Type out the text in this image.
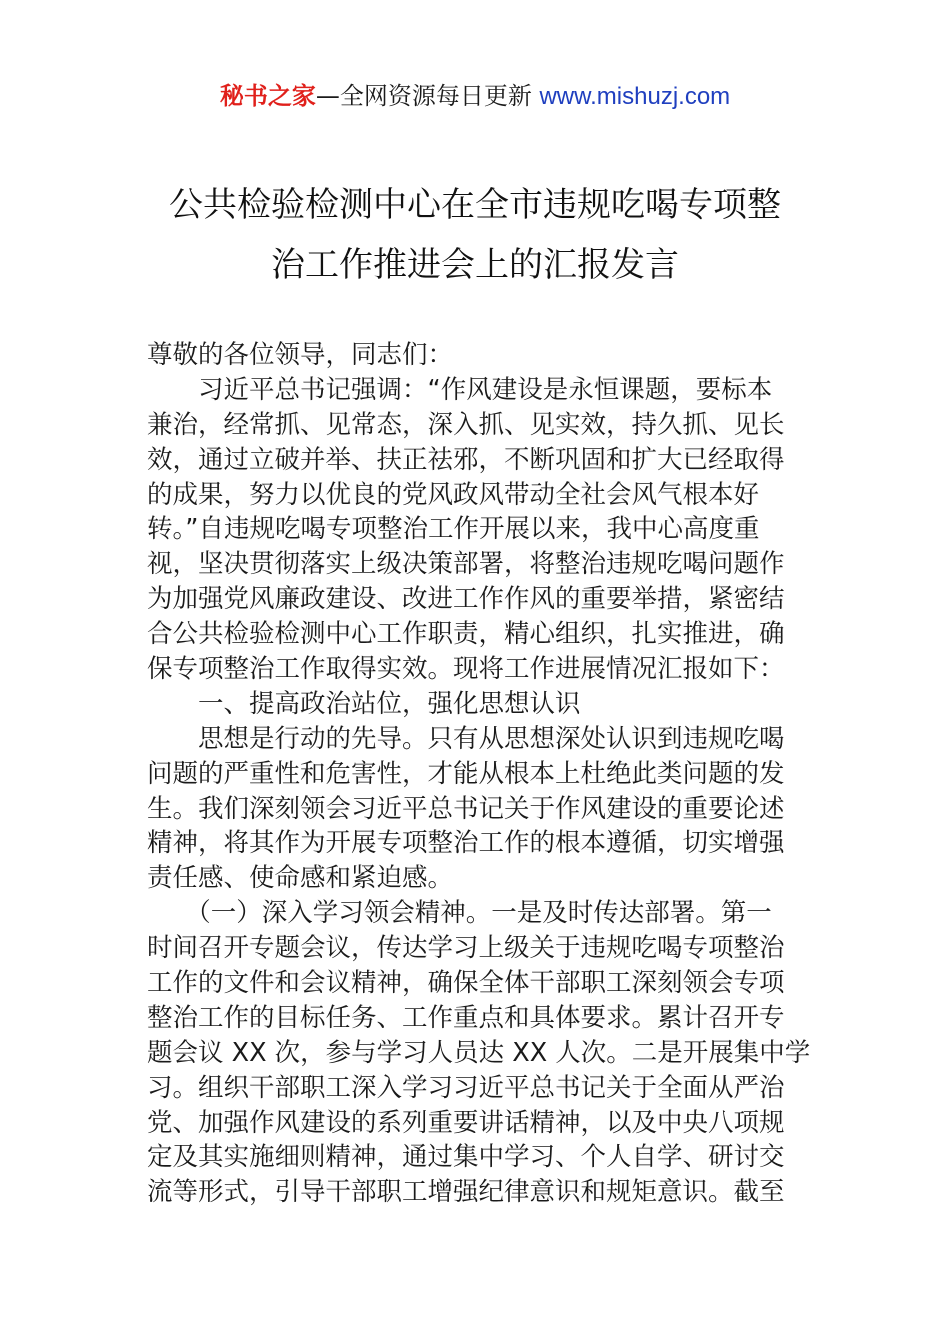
秘书之家—全网资源每日更新 www.mishuzj.com
公共检验检测中心在全市违规吃喝专项整
治工作推进会上的汇报发言
尊敬的各位领导，同志们：
　　习近平总书记强调：“作风建设是永恒课题，要标本
兼治，经常抓、见常态，深入抓、见实效，持久抓、见长
效，通过立破并举、扶正祛邪，不断巩固和扩大已经取得
的成果，努力以优良的党风政风带动全社会风气根本好
转。”自违规吃喝专项整治工作开展以来，我中心高度重
视，坚决贯彻落实上级决策部署，将整治违规吃喝问题作
为加强党风廉政建设、改进工作作风的重要举措，紧密结
合公共检验检测中心工作职责，精心组织，扎实推进，确
保专项整治工作取得实效。现将工作进展情况汇报如下：
　　一、提高政治站位，强化思想认识
　　思想是行动的先导。只有从思想深处认识到违规吃喝
问题的严重性和危害性，才能从根本上杜绝此类问题的发
生。我们深刻领会习近平总书记关于作风建设的重要论述
精神，将其作为开展专项整治工作的根本遵循，切实增强
责任感、使命感和紧迫感。
　　（一）深入学习领会精神。一是及时传达部署。第一
时间召开专题会议，传达学习上级关于违规吃喝专项整治
工作的文件和会议精神，确保全体干部职工深刻领会专项
整治工作的目标任务、工作重点和具体要求。累计召开专
题会议 XX 次，参与学习人员达 XX 人次。二是开展集中学
习。组织干部职工深入学习习近平总书记关于全面从严治
党、加强作风建设的系列重要讲话精神，以及中央八项规
定及其实施细则精神，通过集中学习、个人自学、研讨交
流等形式，引导干部职工增强纪律意识和规矩意识。截至
